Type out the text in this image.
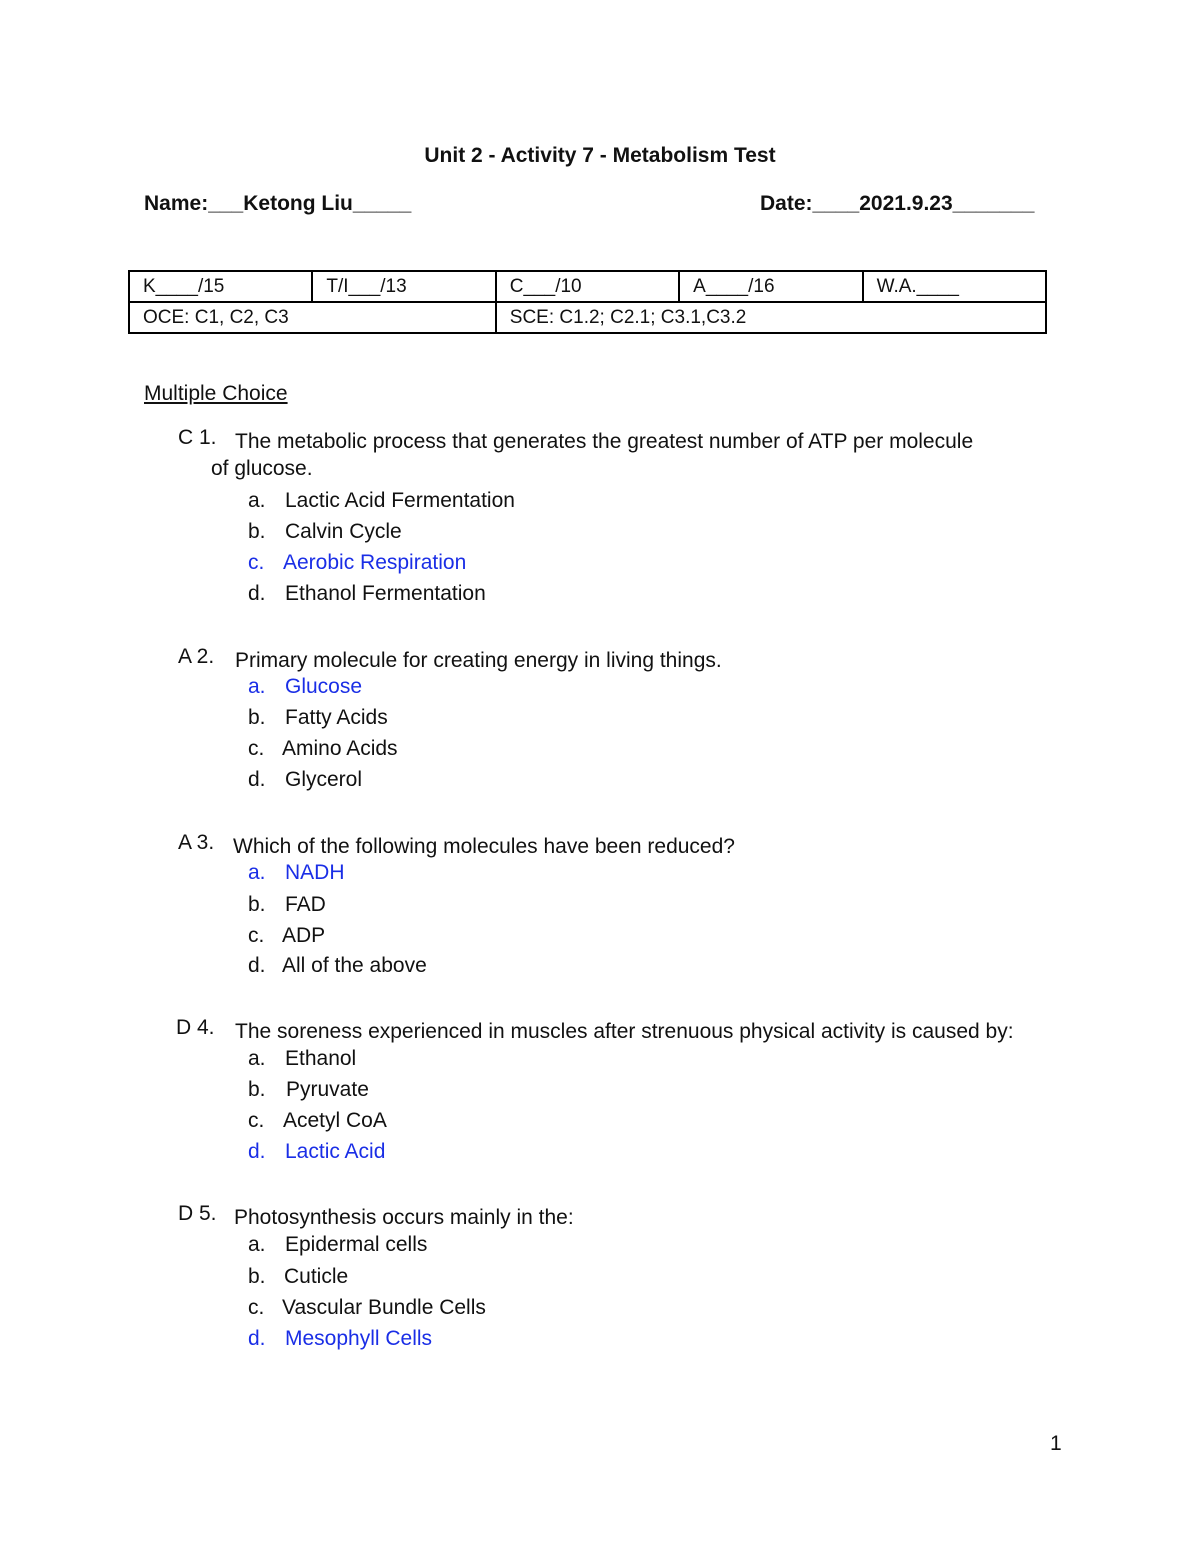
Unit 2 - Activity 7 - Metabolism Test
Name:___Ketong Liu_____	Date:____2021.9.23_______
K____/15	T/I___/13	C___/10	A____/16	W.A.____
OCE: C1, C2, C3		SCE: C1.2; C2.1; C3.1,C3.2		
Multiple Choice
C 1. The metabolic process that generates the greatest number of ATP per molecule
of glucose.
a. Lactic Acid Fermentation
b. Calvin Cycle
c. Aerobic Respiration
d. Ethanol Fermentation
A 2. Primary molecule for creating energy in living things.
a. Glucose
b. Fatty Acids
c. Amino Acids
d. Glycerol
A 3. Which of the following molecules have been reduced?
a. NADH
b. FAD
c. ADP
d. All of the above
D 4. The soreness experienced in muscles after strenuous physical activity is caused by:
a. Ethanol
b. Pyruvate
c. Acetyl CoA
d. Lactic Acid
D 5. Photosynthesis occurs mainly in the:
a. Epidermal cells
b. Cuticle
c. Vascular Bundle Cells
d. Mesophyll Cells
1
